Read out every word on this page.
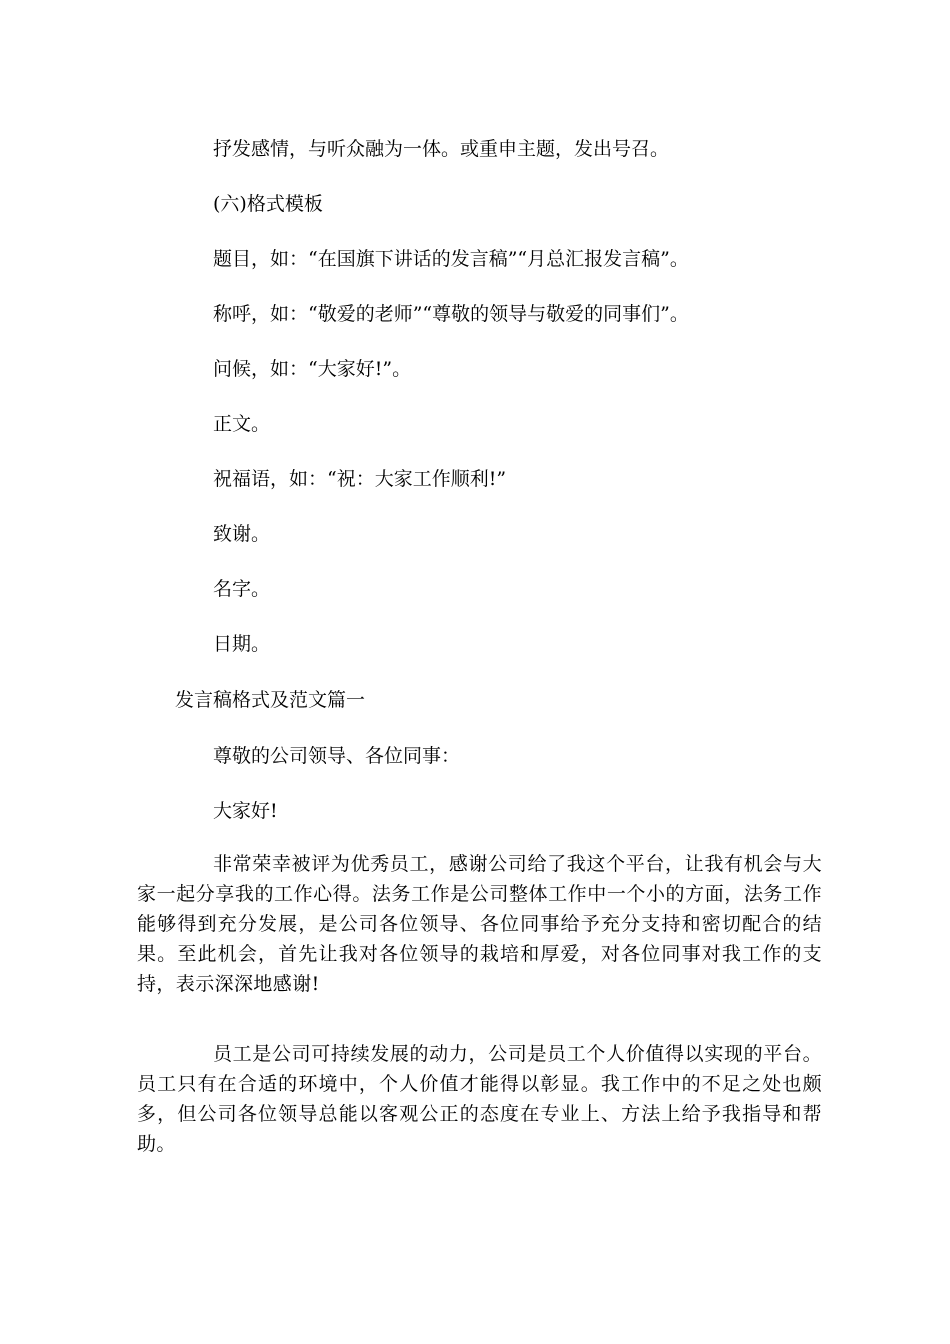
抒发感情，与听众融为一体。或重申主题，发出号召。

(六)格式模板

题目，如：“在国旗下讲话的发言稿”“月总汇报发言稿”。

称呼，如：“敬爱的老师”“尊敬的领导与敬爱的同事们”。

问候，如：“大家好!”。

正文。

祝福语，如：“祝：大家工作顺利!”

致谢。

名字。

日期。

发言稿格式及范文篇一

尊敬的公司领导、各位同事：

大家好!

非常荣幸被评为优秀员工，感谢公司给了我这个平台，让我有机会与大家一起分享我的工作心得。法务工作是公司整体工作中一个小的方面，法务工作能够得到充分发展，是公司各位领导、各位同事给予充分支持和密切配合的结果。至此机会，首先让我对各位领导的栽培和厚爱，对各位同事对我工作的支持，表示深深地感谢!

员工是公司可持续发展的动力，公司是员工个人价值得以实现的平台。员工只有在合适的环境中，个人价值才能得以彰显。我工作中的不足之处也颇多，但公司各位领导总能以客观公正的态度在专业上、方法上给予我指导和帮助。
